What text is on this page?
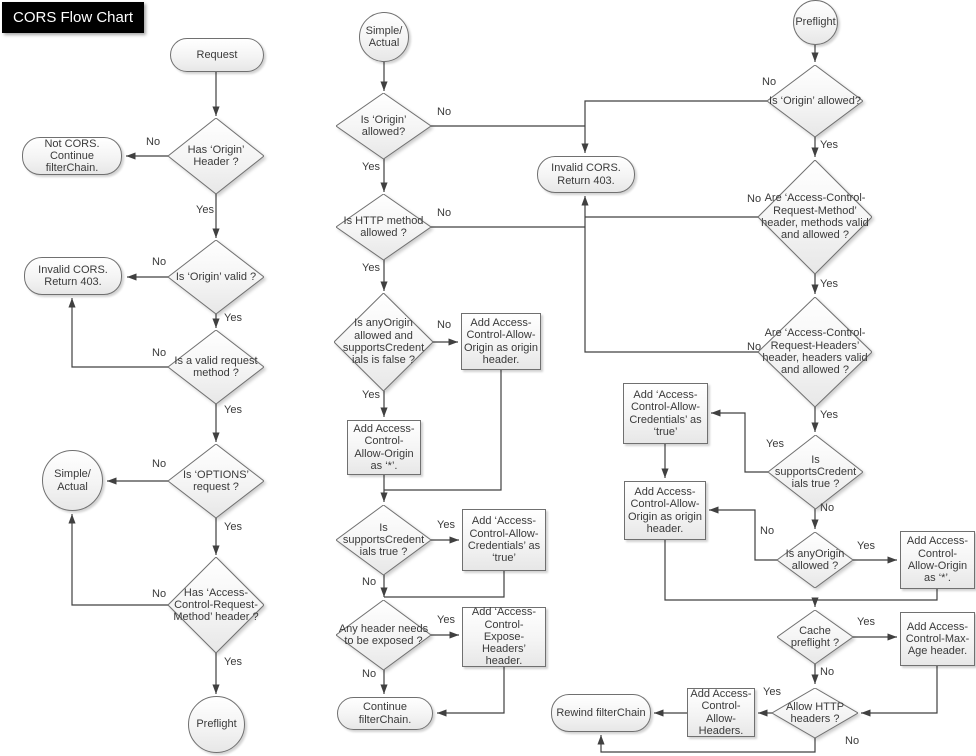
CORS Flow Chart
Request
Has ‘Origin’ Header ?
Not CORS. Continue filterChain.
Is ‘Origin’ valid ?
Invalid CORS. Return 403.
Is a valid request method ?
Is ‘OPTIONS’ request ?
Simple/ Actual
Has ‘Access-Control-Request-Method’ header ?
Preflight
Simple/ Actual
Is ‘Origin’ allowed?
Is HTTP method allowed ?
Is anyOrigin allowed and supportsCredent ials is false ?
Add Access-Control-Allow-Origin as origin header.
Add Access-Control-Allow-Origin as ‘*’.
Is supportsCredent ials true ?
Add ‘Access-Control-Allow-Credentials’ as ‘true’
Any header needs to be exposed ?
Add ‘Access-Control-Expose-Headers’ header.
Continue filterChain.
Invalid CORS. Return 403.
Preflight
Is ‘Origin’ allowed?
Are ‘Access-Control-Request-Method’ header, methods valid and allowed ?
Are ‘Access-Control-Request-Headers’ header, headers valid and allowed ?
Is supportsCredent ials true ?
Add ‘Access-Control-Allow-Credentials’ as ‘true’
Add Access-Control-Allow-Origin as origin header.
Is anyOrigin allowed ?
Add Access-Control-Allow-Origin as ‘*’.
Cache preflight ?
Add Access-Control-Max-Age header.
Allow HTTP headers ?
Add Access-Control-Allow-Headers.
Rewind filterChain
No
Yes
No
Yes
No
Yes
No
Yes
No
Yes
No
Yes
No
Yes
No
Yes
Yes
No
Yes
No
No
Yes
No
Yes
No
Yes
Yes
No
No
Yes
Yes
No
Yes
No
